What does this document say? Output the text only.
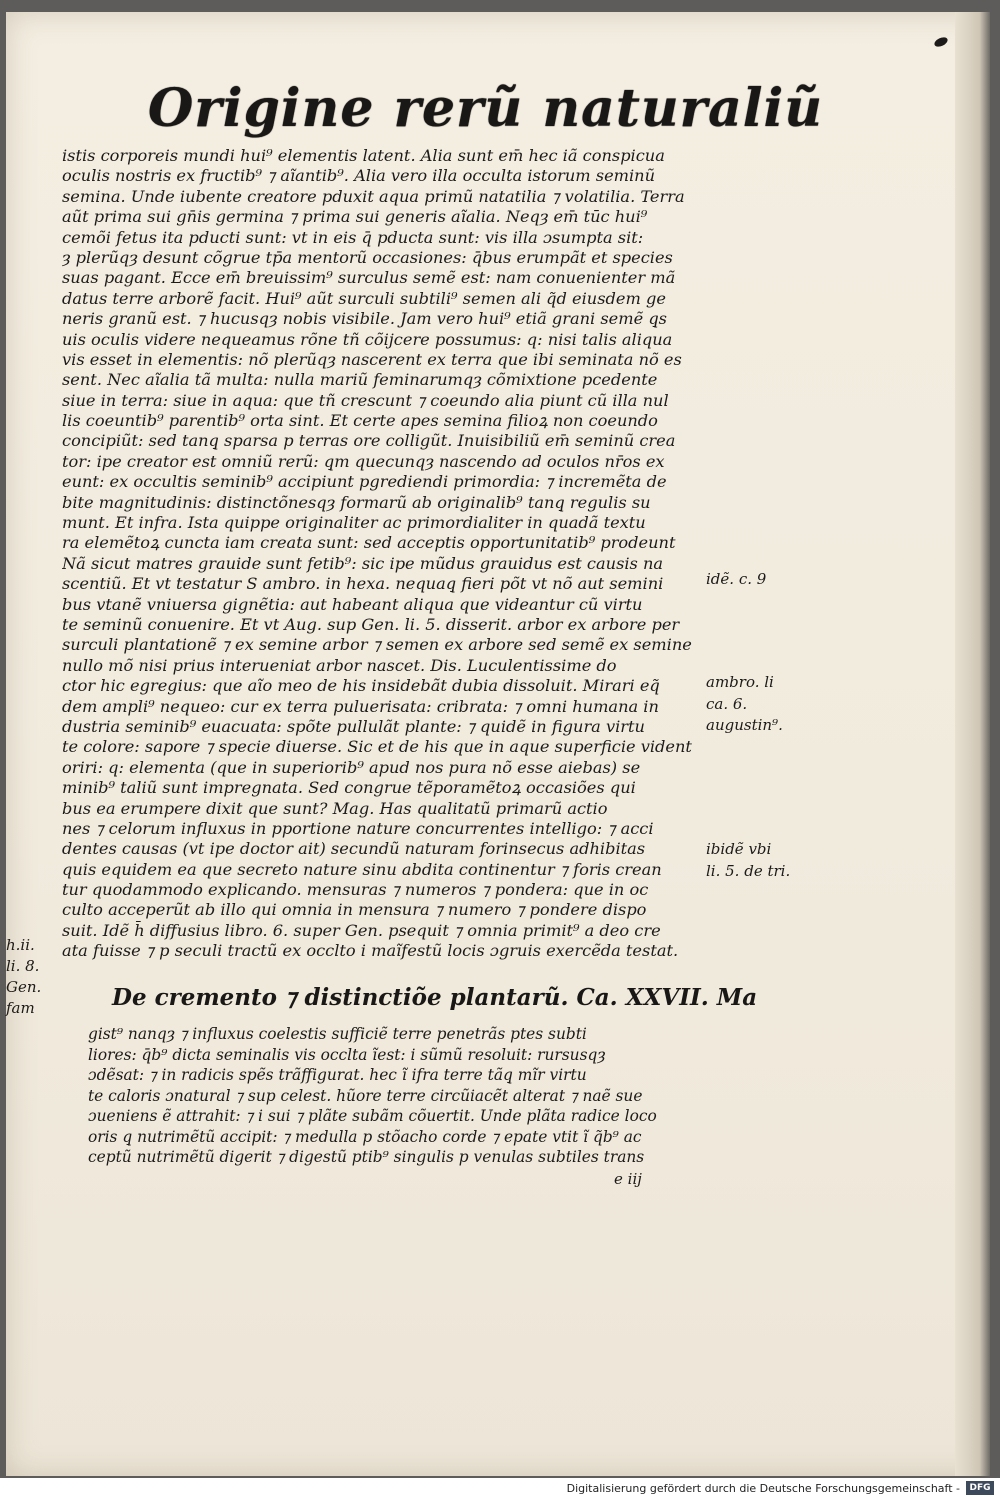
Origine rerũ naturaliũ
istis corporeis mundi hui⁹ elementis latent. Alia sunt em̄ hec iã conspicua
oculis nostris ex fructib⁹ ⁊ aĩantib⁹. Alia vero illa occulta istorum seminũ
semina. Unde iubente creatore pduxit aqua primũ natatilia ⁊ volatilia. Terra
aũt prima sui gn̄is germina ⁊ prima sui generis aĩalia. Neqȝ em̄ tūc hui⁹
cemõi fetus ita pducti sunt: vt in eis q̄ pducta sunt: vis illa ɔsumpta sit:
ȝ plerũqȝ desunt cõgrue tp̄a mentorũ occasiones: q̄bus erumpãt et species
suas pagant. Ecce em̄ breuissim⁹ surculus semẽ est: nam conuenienter mã
datus terre arborẽ facit. Hui⁹ aũt surculi subtili⁹ semen ali q̃d eiusdem ge
neris granũ est. ⁊ hucusqȝ nobis visibile. Jam vero hui⁹ etiã grani semẽ q̧s
uis oculis videre nequeamus rõne tñ cõijcere possumus: q: nisi talis aliqua
vis esset in elementis: nõ plerũqȝ nascerent ex terra que ibi seminata nõ es
sent. Nec aĩalia tã multa: nulla mariũ feminarumqȝ cõmixtione pcedente
siue in terra: siue in aqua: que tñ crescunt ⁊ coeundo alia piunt cũ illa nul
lis coeuntib⁹ parentib⁹ orta sint. Et certe apes semina filioꝝ non coeundo
concipiũt: sed tanq̧ sparsa p terras ore colligũt. Inuisibiliũ em̄ seminũ crea
tor: ipe creator est omniũ rerũ: q̧m quecunqȝ nascendo ad oculos nr̄os ex
eunt: ex occultis seminib⁹ accipiunt pgrediendi primordia: ⁊ incremẽta de
bite magnitudinis: distinctõnesqȝ formarũ ab originalib⁹ tanq̧ regulis su
munt. Et infra. Ista quippe originaliter ac primordialiter in quadã textu
ra elemẽtoꝝ cuncta iam creata sunt: sed acceptis opportunitatib⁹ prodeunt
Nã sicut matres grauide sunt fetib⁹: sic ipe mũdus grauidus est causis na
scentiũ. Et vt testatur S ambro. in hexa. nequaq̧ fieri põt vt nõ aut semini
bus vtanẽ vniuersa gignẽtia: aut habeant aliqua que videantur cũ virtu
te seminũ conuenire. Et vt Aug. sup Gen. li. 5. disserit. arbor ex arbore per
surculi plantationẽ ⁊ ex semine arbor ⁊ semen ex arbore sed semẽ ex semine
nullo mõ nisi prius interueniat arbor nascet. Dis. Luculentissime do
ctor hic egregius: que aĩo meo de his insidebãt dubia dissoluit. Mirari eq̃
dem ampli⁹ nequeo: cur ex terra puluerisata: cribrata: ⁊ omni humana in
dustria seminib⁹ euacuata: spõte pullulãt plante: ⁊ quidẽ in figura virtu
te colore: sapore ⁊ specie diuerse. Sic et de his que in aque superficie vident
oriri: q: elementa (que in superiorib⁹ apud nos pura nõ esse aiebas) se
minib⁹ taliũ sunt impregnata. Sed congrue tẽporamẽtoꝝ occasiões qui
bus ea erumpere dixit que sunt? Mag. Has qualitatũ primarũ actio
nes ⁊ celorum influxus in pportione nature concurrentes intelligo: ⁊ acci
dentes causas (vt ipe doctor ait) secundũ naturam forinsecus adhibitas
quis equidem ea que secreto nature sinu abdita continentur ⁊ foris crean
tur quodammodo explicando. mensuras ⁊ numeros ⁊ pondera: que in oc
culto acceperũt ab illo qui omnia in mensura ⁊ numero ⁊ pondere dispo
suit. Idẽ h̄ diffusius libro. 6. super Gen. psequit ⁊ omnia primit⁹ a deo cre
ata fuisse ⁊ p seculi tractũ ex occlto i maĩfestũ locis ɔgruis exercẽda testat.
idẽ. c. 9
ambro. li
ca. 6.
augustin⁹.
ibidẽ vbi
li. 5. de tri.
h.ii.
li. 8.
Gen.
fam	De cremento ⁊ distinctiõe plantarũ. Ca. XXVII. Ma
gist⁹ nanqȝ ⁊ influxus coelestis sufficiẽ terre penetrãs ptes subti
liores: q̄b⁹ dicta seminalis vis occlta ĩest: i sũmũ resoluit: rursusqȝ
ɔdẽsat: ⁊ in radicis spẽs trãffigurat. hec ĩ ifra terre tãq̧ mĩr virtu
te caloris ɔnatural ⁊ sup celest. hũore terre circũiacẽt alterat ⁊ naẽ sue
ɔueniens ẽ attrahit: ⁊ i sui ⁊ plãte subãm cõuertit. Unde plãta radice loco
oris q̧ nutrimẽtũ accipit: ⁊ medulla p stõacho corde ⁊ epate vtit ĩ q̃b⁹ ac
ceptũ nutrimẽtũ digerit ⁊ digestũ ptib⁹ singulis p venulas subtiles trans
e iij
Digitalisierung gefördert durch die Deutsche Forschungsgemeinschaft -	DFG
